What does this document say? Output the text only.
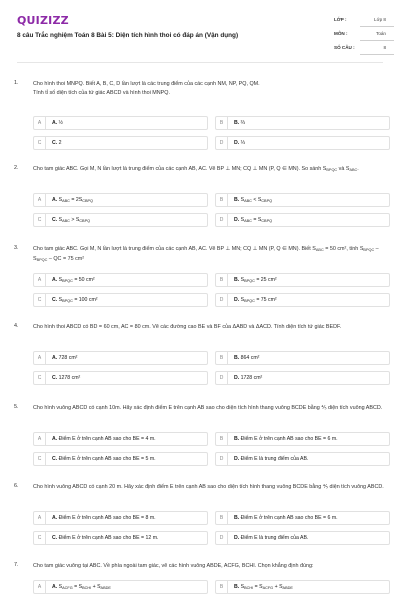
QUIZIZZ
8 câu Trắc nghiệm Toán 8 Bài 5: Diện tích hình thoi có đáp án (Vận dụng)
LỚP :	Lớp 8
MÔN :	Toán
SỐ CÂU :	8
1.	Cho hình thoi MNPQ. Biết A, B, C, D lần lượt là các trung điểm của các cạnh NM, NP, PQ, QM.
Tính tỉ số diện tích của tứ giác ABCD và hình thoi MNPQ.
A	A. ½	B	B. ⅔
C	C. 2	D	D. ⅓
2.	Cho tam giác ABC. Gọi M, N lần lượt là trung điểm của các cạnh AB, AC. Vẽ BP ⊥ MN; CQ ⊥ MN (P, Q ∈ MN). So sánh $S_{BPQC}$ và $S_{ABC}$.
A	A. $S_{ABC} = 2S_{CBPQ}$	B	B. $S_{ABC} < S_{CBPQ}$
C	C. $S_{ABC} > S_{CBPQ}$	D	D. $S_{ABC} = S_{CBPQ}$
3.	Cho tam giác ABC. Gọi M, N lần lượt là trung điểm của các cạnh AB, AC. Vẽ BP ⊥ MN; CQ ⊥ MN (P, Q ∈ MN). Biết $S_{ABC} = 50$ cm², tính $S_{BPQC} - S_{BPQC}$ – QC = 75 cm²
A	A. $S_{BPQC} = 50$ cm²	B	B. $S_{BPQC} = 25$ cm²
C	C. $S_{BPQC} = 100$ cm²	D	D. $S_{BPQC} = 75$ cm²
4.	Cho hình thoi ABCD có BD = 60 cm, AC = 80 cm. Vẽ các đường cao BE và BF của ΔABD và ΔACD. Tính diện tích tứ giác BEDF.
A	A. 728 cm²	B	B. 864 cm²
C	C. 1278 cm²	D	D. 1728 cm²
5.	Cho hình vuông ABCD có cạnh 10m. Hãy xác định điểm E trên cạnh AB sao cho diện tích hình thang vuông BCDE bằng ⅘ diện tích vuông ABCD.
A	A. Điểm E ở trên cạnh AB sao cho BE = 4 m.	B	B. Điểm E ở trên cạnh AB sao cho BE = 6 m.
C	C. Điểm E ở trên cạnh AB sao cho BE = 5 m.	D	D. Điểm E là trung điểm của AB.
6.	Cho hình vuông ABCD có cạnh 20 m. Hãy xác định điểm E trên cạnh AB sao cho diện tích hình thang vuông BCDE bằng ⅘ diện tích vuông ABCD.
A	A. Điểm E ở trên cạnh AB sao cho BE = 8 m.	B	B. Điểm E ở trên cạnh AB sao cho BE = 6 m.
C	C. Điểm E ở trên cạnh AB sao cho BE = 12 m.	D	D. Điểm E là trung điểm của AB.
7.	Cho tam giác vuông tại ABC. Về phía ngoài tam giác, vẽ các hình vuông ABDE, ACFG, BCHI. Chọn khẳng định đúng:
A	A. $S_{ACFG} = S_{BCHI} + S_{ABDE}$	B	B. $S_{BCHI} = S_{ACFG} + S_{ABDE}$
